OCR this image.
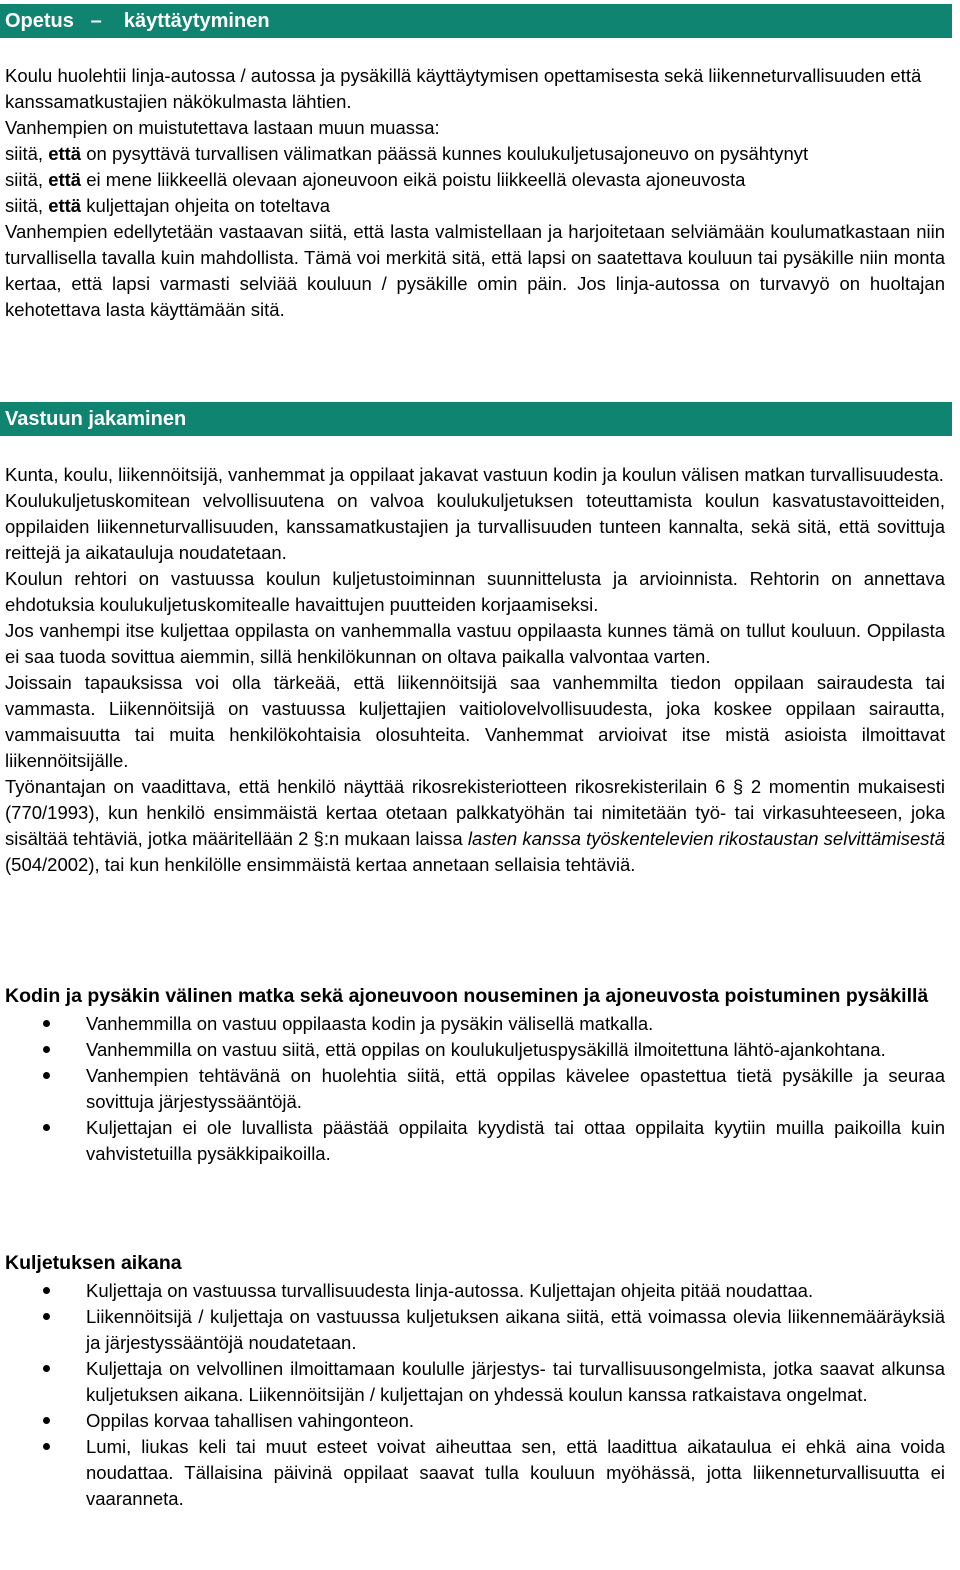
Opetus   –    käyttäytyminen

Koulu huolehtii linja-autossa / autossa ja pysäkillä käyttäytymisen opettamisesta sekä liikenneturvallisuuden että kanssamatkustajien näkökulmasta lähtien.

Vanhempien on muistutettava lastaan muun muassa:

siitä, että on pysyttävä turvallisen välimatkan päässä kunnes koulukuljetusajoneuvo on pysähtynyt

siitä, että ei mene liikkeellä olevaan ajoneuvoon eikä poistu liikkeellä olevasta ajoneuvosta

siitä, että kuljettajan ohjeita on toteltava

Vanhempien edellytetään vastaavan siitä, että lasta valmistellaan ja harjoitetaan selviämään koulumatkastaan niin turvallisella tavalla kuin mahdollista. Tämä voi merkitä sitä, että lapsi on saatettava kouluun tai pysäkille niin monta kertaa, että lapsi varmasti selviää kouluun / pysäkille omin päin. Jos linja-autossa on turvavyö on huoltajan kehotettava lasta käyttämään sitä.

Vastuun jakaminen

Kunta, koulu, liikennöitsijä, vanhemmat ja oppilaat jakavat vastuun kodin ja koulun välisen matkan turvallisuudesta.

Koulukuljetuskomitean velvollisuutena on valvoa koulukuljetuksen toteuttamista koulun kasvatustavoitteiden, oppilaiden liikenneturvallisuuden, kanssamatkustajien ja turvallisuuden tunteen kannalta, sekä sitä, että sovittuja reittejä ja aikatauluja noudatetaan.

Koulun rehtori on vastuussa koulun kuljetustoiminnan suunnittelusta ja arvioinnista. Rehtorin on annettava ehdotuksia koulukuljetuskomitealle havaittujen puutteiden korjaamiseksi.

Jos vanhempi itse kuljettaa oppilasta on vanhemmalla vastuu oppilaasta kunnes tämä on tullut kouluun. Oppilasta ei saa tuoda sovittua aiemmin, sillä henkilökunnan on oltava paikalla valvontaa varten.

Joissain tapauksissa voi olla tärkeää, että liikennöitsijä saa vanhemmilta tiedon oppilaan sairaudesta tai vammasta. Liikennöitsijä on vastuussa kuljettajien vaitiolovelvollisuudesta, joka koskee oppilaan sairautta, vammaisuutta tai muita henkilökohtaisia olosuhteita. Vanhemmat arvioivat itse mistä asioista ilmoittavat liikennöitsijälle.

Työnantajan on vaadittava, että henkilö näyttää rikosrekisteriotteen rikosrekisterilain 6 § 2 momentin mukaisesti (770/1993), kun henkilö ensimmäistä kertaa otetaan palkkatyöhän tai nimitetään työ- tai virkasuhteeseen, joka sisältää tehtäviä, jotka määritellään 2 §:n mukaan laissa lasten kanssa työskentelevien rikostaustan selvittämisestä (504/2002), tai kun henkilölle ensimmäistä kertaa annetaan sellaisia tehtäviä.

Kodin ja pysäkin välinen matka sekä ajoneuvoon nouseminen ja ajoneuvosta poistuminen pysäkillä

Vanhemmilla on vastuu oppilaasta kodin ja pysäkin välisellä matkalla.
Vanhemmilla on vastuu siitä, että oppilas on koulukuljetuspysäkillä ilmoitettuna lähtö-ajankohtana.
Vanhempien tehtävänä on huolehtia siitä, että oppilas kävelee opastettua tietä pysäkille ja seuraa sovittuja järjestyssääntöjä.
Kuljettajan ei ole luvallista päästää oppilaita kyydistä tai ottaa oppilaita kyytiin muilla paikoilla kuin vahvistetuilla pysäkkipaikoilla.

Kuljetuksen aikana

Kuljettaja on vastuussa turvallisuudesta linja-autossa. Kuljettajan ohjeita pitää noudattaa.
Liikennöitsijä / kuljettaja on vastuussa kuljetuksen aikana siitä, että voimassa olevia liikennemääräyksiä ja järjestyssääntöjä noudatetaan.
Kuljettaja on velvollinen ilmoittamaan koululle järjestys- tai turvallisuusongelmista, jotka saavat alkunsa kuljetuksen aikana. Liikennöitsijän / kuljettajan on yhdessä koulun kanssa ratkaistava ongelmat.
Oppilas korvaa tahallisen vahingonteon.
Lumi, liukas keli tai muut esteet voivat aiheuttaa sen, että laadittua aikataulua ei ehkä aina voida noudattaa. Tällaisina päivinä oppilaat saavat tulla kouluun myöhässä, jotta liikenneturvallisuutta ei vaaranneta.
